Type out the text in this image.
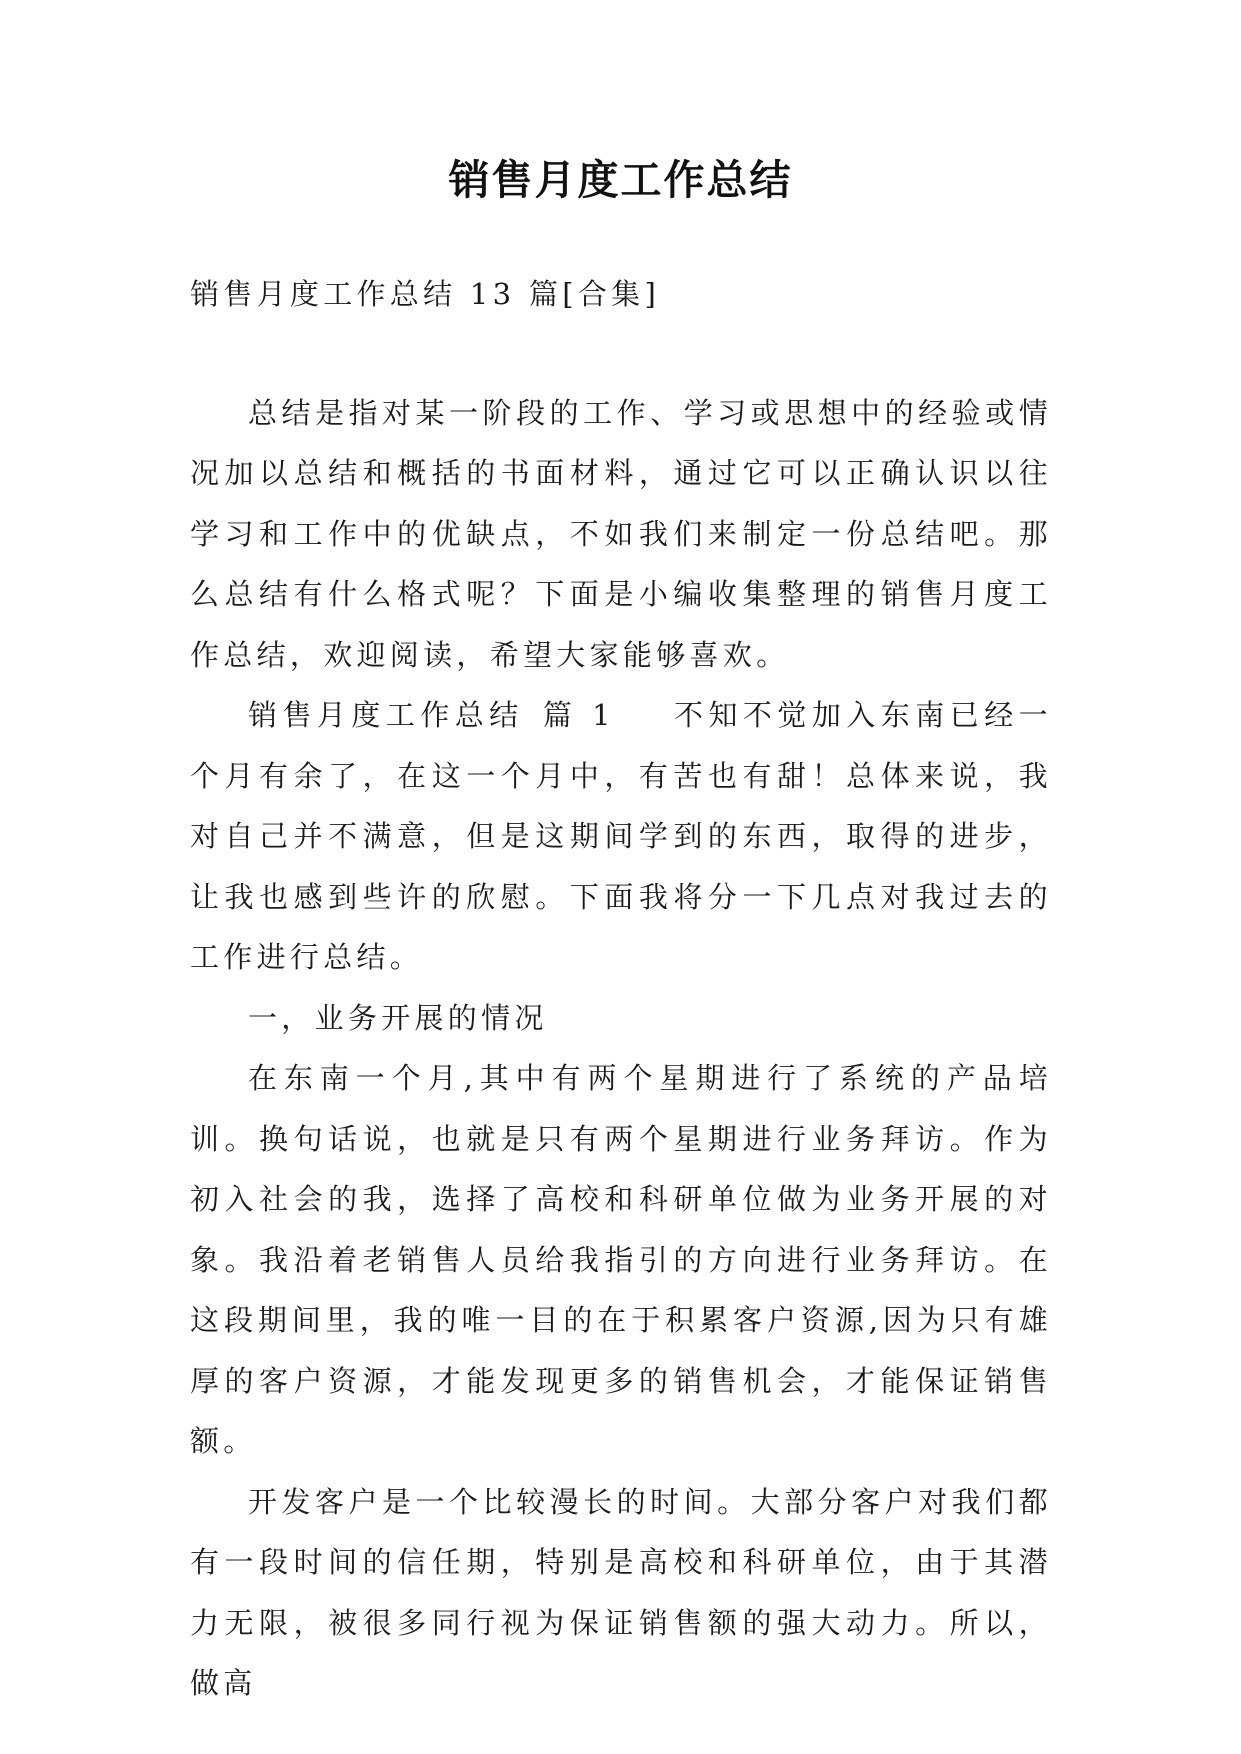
销售月度工作总结

销售月度工作总结 13 篇[合集]

总结是指对某一阶段的工作、学习或思想中的经验或情况加以总结和概括的书面材料，通过它可以正确认识以往学习和工作中的优缺点，不如我们来制定一份总结吧。那么总结有什么格式呢？下面是小编收集整理的销售月度工作总结，欢迎阅读，希望大家能够喜欢。

销售月度工作总结 篇 1 不知不觉加入东南已经一个月有余了，在这一个月中，有苦也有甜！总体来说，我对自己并不满意，但是这期间学到的东西，取得的进步，让我也感到些许的欣慰。下面我将分一下几点对我过去的工作进行总结。

一，业务开展的情况

在东南一个月,其中有两个星期进行了系统的产品培训。换句话说，也就是只有两个星期进行业务拜访。作为初入社会的我，选择了高校和科研单位做为业务开展的对象。我沿着老销售人员给我指引的方向进行业务拜访。在这段期间里，我的唯一目的在于积累客户资源,因为只有雄厚的客户资源，才能发现更多的销售机会，才能保证销售额。

开发客户是一个比较漫长的时间。大部分客户对我们都有一段时间的信任期，特别是高校和科研单位，由于其潜力无限，被很多同行视为保证销售额的强大动力。所以，做高
